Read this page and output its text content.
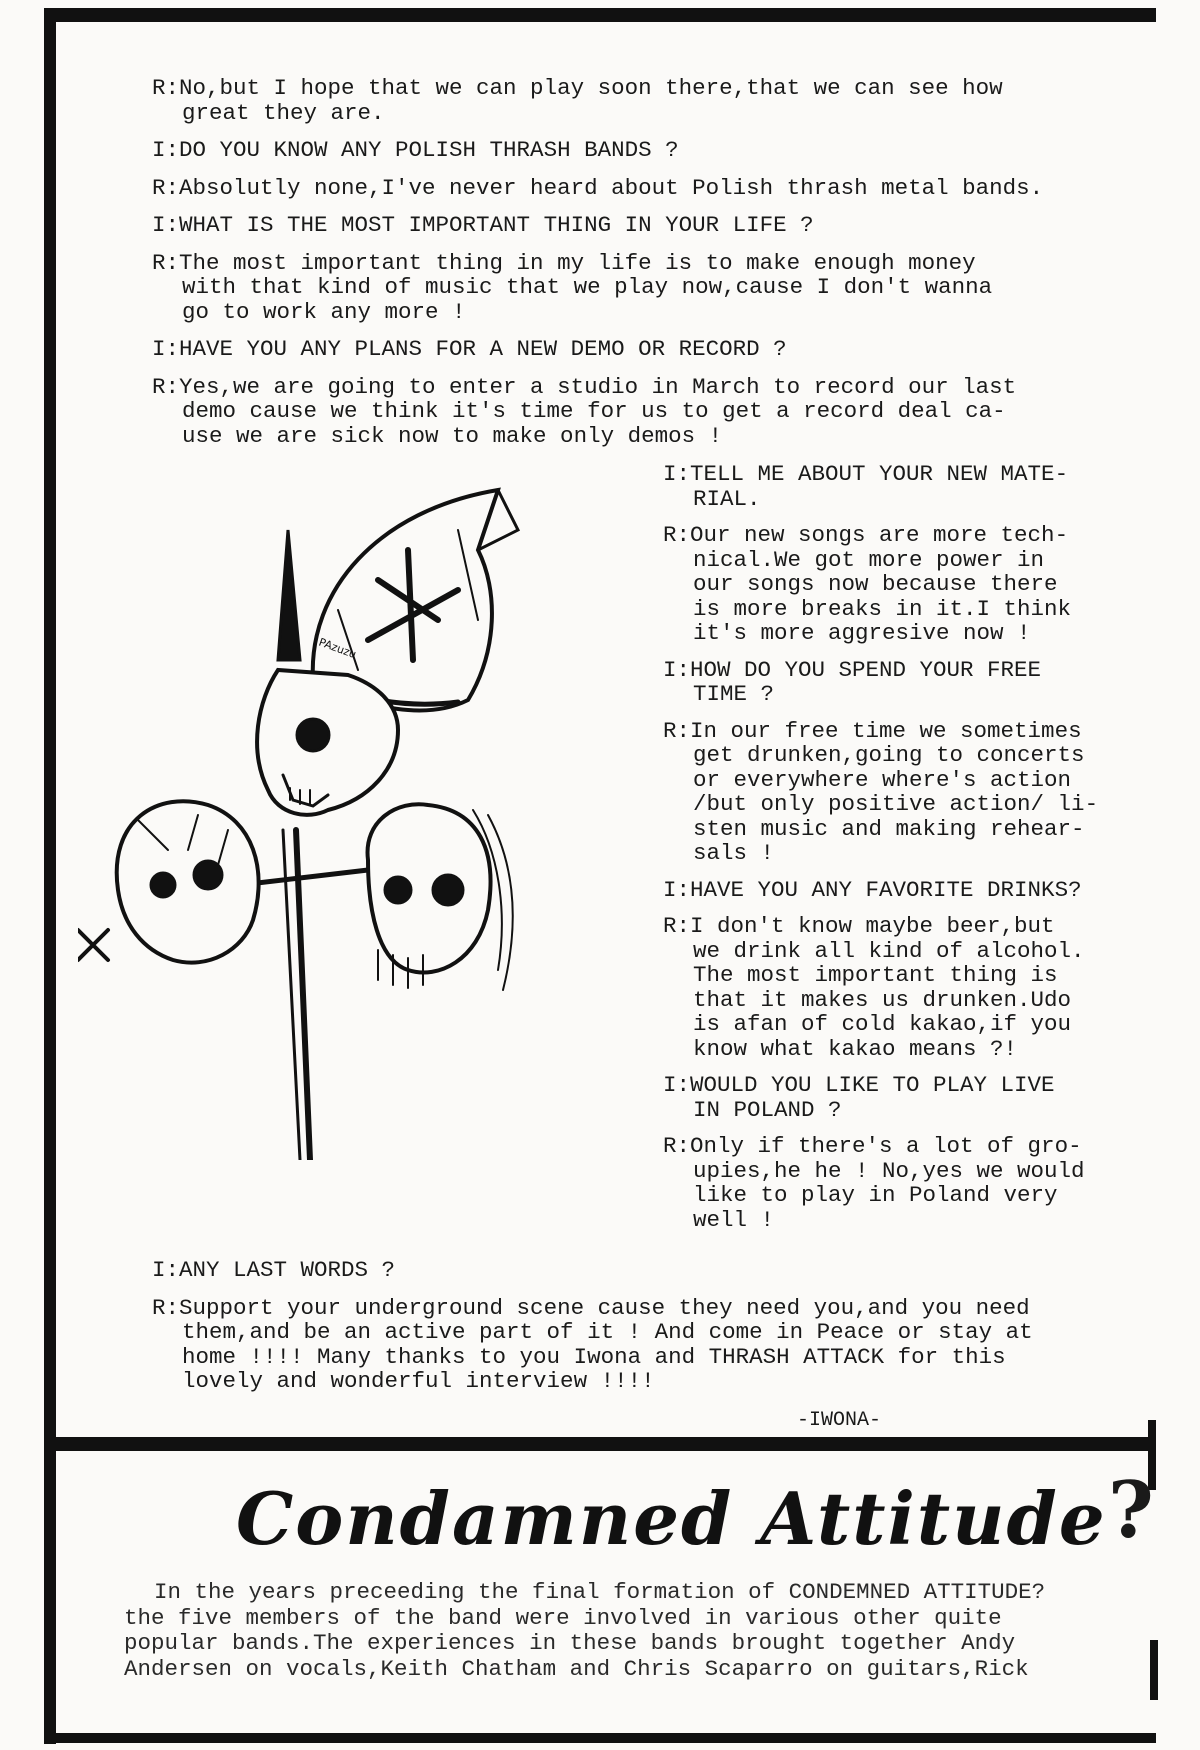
R:No,but I hope that we can play soon there,that we can see how
great they are.
I:DO YOU KNOW ANY POLISH THRASH BANDS ?
R:Absolutly none,I've never heard about Polish thrash metal bands.
I:WHAT IS THE MOST IMPORTANT THING IN YOUR LIFE ?
R:The most important thing in my life is to make enough money
with that kind of music that we play now,cause I don't wanna
go to work any more !
I:HAVE YOU ANY PLANS FOR A NEW DEMO OR RECORD ?
R:Yes,we are going to enter a studio in March to record our last
demo cause we think it's time for us to get a record deal ca-
use we are sick now to make only demos !
PAzuzu
I:TELL ME ABOUT YOUR NEW MATE-
RIAL.
R:Our new songs are more tech-
nical.We got more power in
our songs now because there
is more breaks in it.I think
it's more aggresive now !
I:HOW DO YOU SPEND YOUR FREE
TIME ?
R:In our free time we sometimes
get drunken,going to concerts
or everywhere where's action
/but only positive action/ li-
sten music and making rehear-
sals !
I:HAVE YOU ANY FAVORITE DRINKS?
R:I don't know maybe beer,but
we drink all kind of alcohol.
The most important thing is
that it makes us drunken.Udo
is afan of cold kakao,if you
know what kakao means ?!
I:WOULD YOU LIKE TO PLAY LIVE
IN POLAND ?
R:Only if there's a lot of gro-
upies,he he ! No,yes we would
like to play in Poland very
well !
I:ANY LAST WORDS ?
R:Support your underground scene cause they need you,and you need
them,and be an active part of it ! And come in Peace or stay at
home !!!! Many thanks to you Iwona and THRASH ATTACK for this
lovely and wonderful interview !!!!
-IWONA-
Condamned Attitude ?

In the years preceeding the final formation of CONDEMNED ATTITUDE?

the five members of the band were involved in various other quite

popular bands.The experiences in these bands brought together Andy

Andersen on vocals,Keith Chatham and Chris Scaparro on guitars,Rick
